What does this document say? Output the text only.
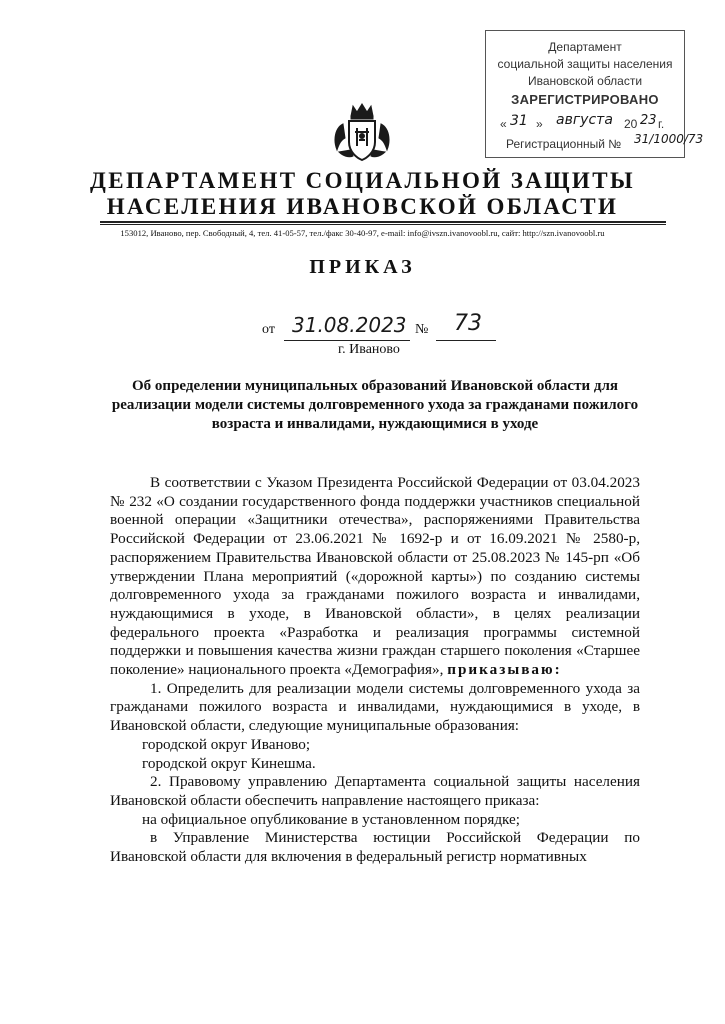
Департамент
социальной защиты населения
Ивановской области
ЗАРЕГИСТРИРОВАНО
« 31 » августа 20 23 г.
Регистрационный № 31/1000/73
ДЕПАРТАМЕНТ СОЦИАЛЬНОЙ ЗАЩИТЫ
НАСЕЛЕНИЯ ИВАНОВСКОЙ ОБЛАСТИ
153012, Иваново, пер. Свободный, 4, тел. 41-05-57, тел./факс 30-40-97, e-mail: info@ivszn.ivanovoobl.ru, сайт: http://szn.ivanovoobl.ru
ПРИКАЗ
от 31.08.2023 № 73
г. Иваново
Об определении муниципальных образований Ивановской области для реализации модели системы долговременного ухода за гражданами пожилого возраста и инвалидами, нуждающимися в уходе

В соответствии с Указом Президента Российской Федерации от 03.04.2023 № 232 «О создании государственного фонда поддержки участников специальной военной операции «Защитники отечества», распоряжениями Правительства Российской Федерации от 23.06.2021 № 1692-р и от 16.09.2021 № 2580-р, распоряжением Правительства Ивановской области от 25.08.2023 № 145-рп «Об утверждении Плана мероприятий («дорожной карты») по созданию системы долговременного ухода за гражданами пожилого возраста и инвалидами, нуждающимися в уходе, в Ивановской области», в целях реализации федерального проекта «Разработка и реализация программы системной поддержки и повышения качества жизни граждан старшего поколения «Старшее поколение» национального проекта «Демография», приказываю:

1. Определить для реализации модели системы долговременного ухода за гражданами пожилого возраста и инвалидами, нуждающимися в уходе, в Ивановской области, следующие муниципальные образования:

городской округ Иваново;

городской округ Кинешма.

2. Правовому управлению Департамента социальной защиты населения Ивановской области обеспечить направление настоящего приказа:

на официальное опубликование в установленном порядке;

в Управление Министерства юстиции Российской Федерации по Ивановской области для включения в федеральный регистр нормативных
